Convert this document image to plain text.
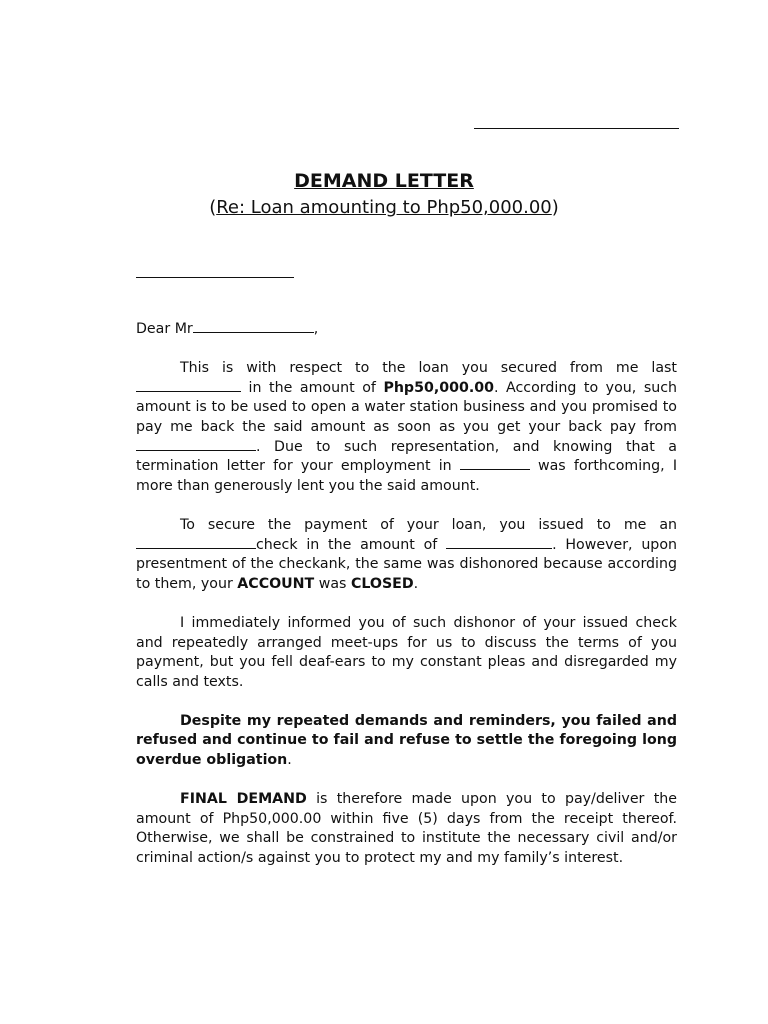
DEMAND LETTER
(Re: Loan amounting to Php50,000.00)

Dear Mr	,

This is with respect to the loan you secured from me last  in the amount of Php50,000.00. According to you, such amount is to be used to open a water station business and you promised to pay me back the said amount as soon as you get your back pay from . Due to such representation, and knowing that a termination letter for your employment in	was forthcoming, I more than generously lent you the said amount.

To secure the payment of your loan, you issued to me an check in the amount of	. However, upon presentment of the checkank, the same was dishonored because according to them, your ACCOUNT was CLOSED.

I immediately informed you of such dishonor of your issued check and repeatedly arranged meet-ups for us to discuss the terms of you payment, but you fell deaf-ears to my constant pleas and disregarded my calls and texts.

Despite my repeated demands and reminders, you failed and refused and continue to fail and refuse to settle the foregoing long overdue obligation.

FINAL DEMAND is therefore made upon you to pay/deliver the amount of Php50,000.00 within five (5) days from the receipt thereof. Otherwise, we shall be constrained to institute the necessary civil and/or criminal action/s against you to protect my and my family’s interest.
